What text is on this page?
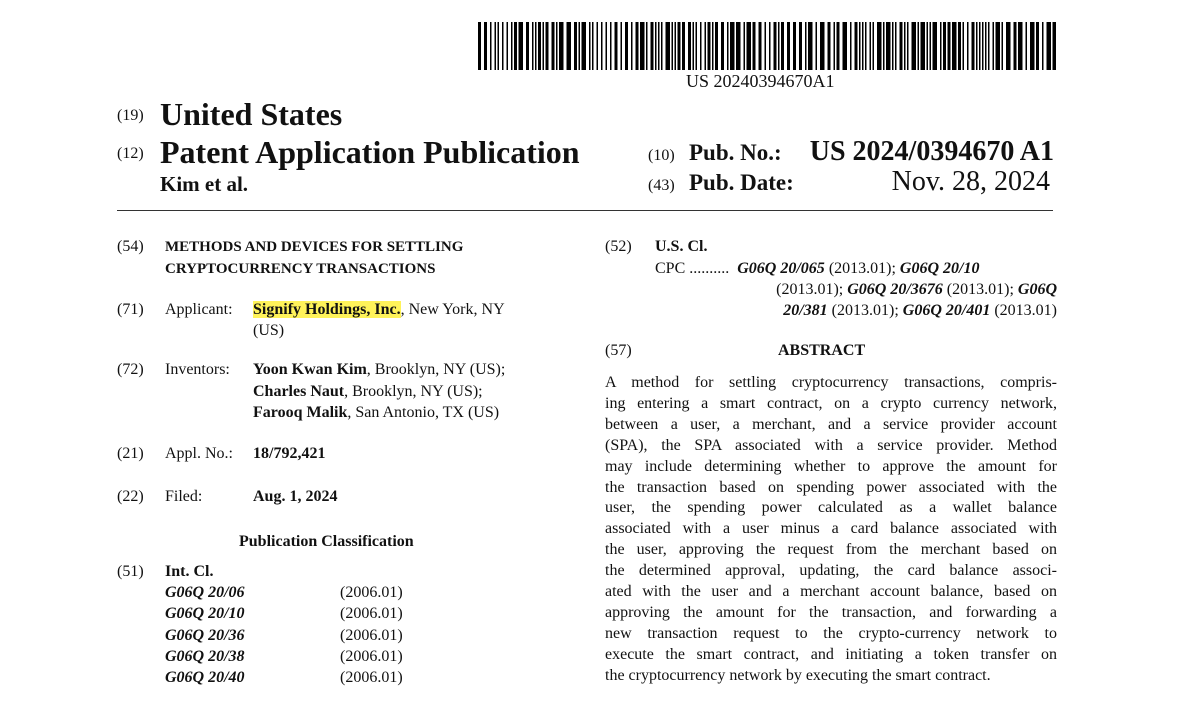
US 20240394670A1
(19) United States
(12) Patent Application Publication
Kim et al.
(10) Pub. No.: US 2024/0394670 A1
(43) Pub. Date:	Nov. 28, 2024
(54) METHODS AND DEVICES FOR SETTLING
CRYPTOCURRENCY TRANSACTIONS
(71) Applicant: Signify Holdings, Inc., New York, NY
(US)
(72) Inventors: Yoon Kwan Kim, Brooklyn, NY (US);
Charles Naut, Brooklyn, NY (US);
Farooq Malik, San Antonio, TX (US)
(21) Appl. No.: 18/792,421
(22) Filed:	Aug. 1, 2024
Publication Classification
(51) Int. Cl.
G06Q 20/06	(2006.01)
G06Q 20/10	(2006.01)
G06Q 20/36	(2006.01)
G06Q 20/38	(2006.01)
G06Q 20/40	(2006.01)
(52) U.S. Cl.
CPC .......... G06Q 20/065 (2013.01); G06Q 20/10
(2013.01); G06Q 20/3676 (2013.01); G06Q
20/381 (2013.01); G06Q 20/401 (2013.01)
(57)	ABSTRACT
A method for settling cryptocurrency transactions, compris-
ing entering a smart contract, on a crypto currency network,
between a user, a merchant, and a service provider account
(SPA), the SPA associated with a service provider. Method
may include determining whether to approve the amount for
the transaction based on spending power associated with the
user, the spending power calculated as a wallet balance
associated with a user minus a card balance associated with
the user, approving the request from the merchant based on
the determined approval, updating, the card balance associ-
ated with the user and a merchant account balance, based on
approving the amount for the transaction, and forwarding a
new transaction request to the crypto-currency network to
execute the smart contract, and initiating a token transfer on
the cryptocurrency network by executing the smart contract.
